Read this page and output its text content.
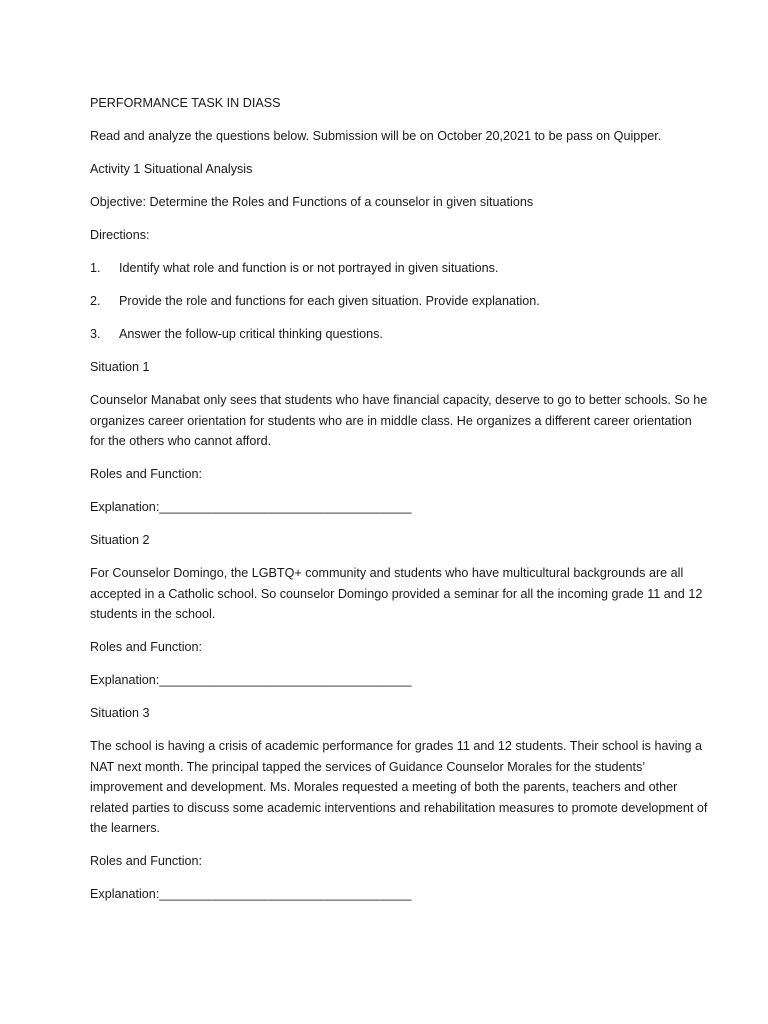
PERFORMANCE TASK IN DIASS

Read and analyze the questions below. Submission will be on October 20,2021 to be pass on Quipper.

Activity 1 Situational Analysis

Objective: Determine the Roles and Functions of a counselor in given situations

Directions:

1.	Identify what role and function is or not portrayed in given situations.
2.	Provide the role and functions for each given situation. Provide explanation.
3.	Answer the follow-up critical thinking questions.

Situation 1

Counselor Manabat only sees that students who have financial capacity, deserve to go to better schools. So he organizes career orientation for students who are in middle class. He organizes a different career orientation for the others who cannot afford.

Roles and Function:

Explanation:____________________________________

Situation 2

For Counselor Domingo, the LGBTQ+ community and students who have multicultural backgrounds are all accepted in a Catholic school. So counselor Domingo provided a seminar for all the incoming grade 11 and 12 students in the school.

Roles and Function:

Explanation:____________________________________

Situation 3

The school is having a crisis of academic performance for grades 11 and 12 students. Their school is having a NAT next month. The principal tapped the services of Guidance Counselor Morales for the students’ improvement and development. Ms. Morales requested a meeting of both the parents, teachers and other related parties to discuss some academic interventions and rehabilitation measures to promote development of the learners.

Roles and Function:

Explanation:____________________________________
